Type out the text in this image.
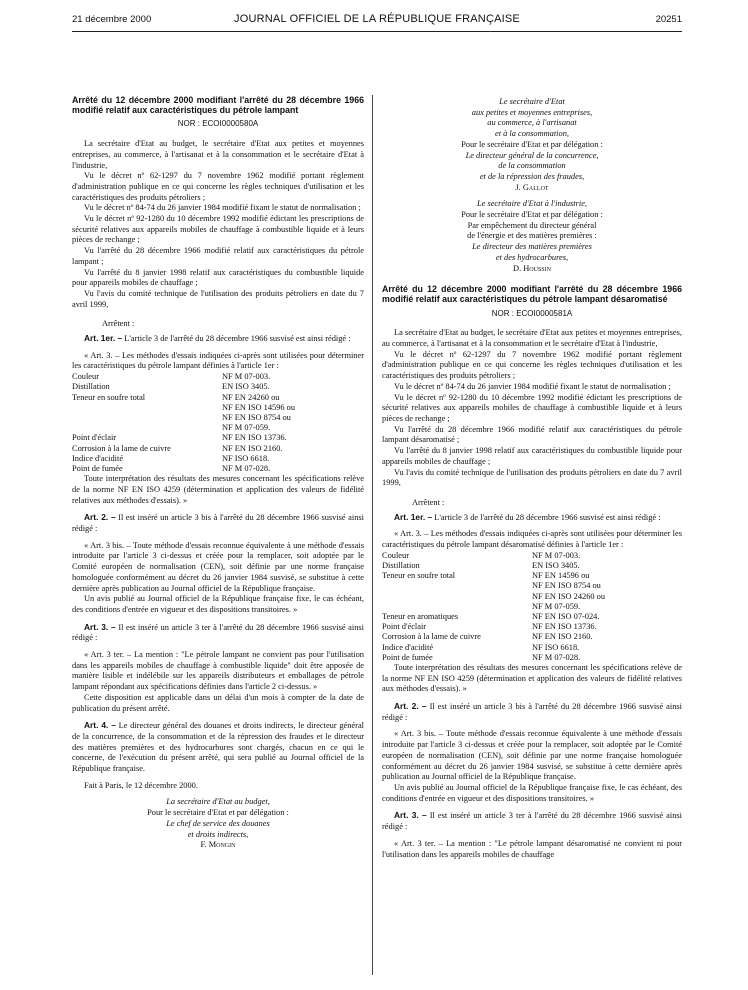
21 décembre 2000	JOURNAL OFFICIEL DE LA RÉPUBLIQUE FRANÇAISE	20251

Arrêté du 12 décembre 2000 modifiant l'arrêté du 28 décembre 1966 modifié relatif aux caractéristiques du pétrole lampant

NOR : ECOI0000580A

La secrétaire d'Etat au budget, le secrétaire d'Etat aux petites et moyennes entreprises, au commerce, à l'artisanat et à la consommation et le secrétaire d'Etat à l'industrie,

Vu le décret nº 62-1297 du 7 novembre 1962 modifié portant règlement d'administration publique en ce qui concerne les règles techniques d'utilisation et les caractéristiques des produits pétroliers ;

Vu le décret nº 84-74 du 26 janvier 1984 modifié fixant le statut de normalisation ;

Vu le décret nº 92-1280 du 10 décembre 1992 modifié édictant les prescriptions de sécurité relatives aux appareils mobiles de chauffage à combustible liquide et à leurs pièces de rechange ;

Vu l'arrêté du 28 décembre 1966 modifié relatif aux caractéristiques du pétrole lampant ;

Vu l'arrêté du 8 janvier 1998 relatif aux caractéristiques du combustible liquide pour appareils mobiles de chauffage ;

Vu l'avis du comité technique de l'utilisation des produits pétroliers en date du 7 avril 1999,

Arrêtent :

Art. 1er. – L'article 3 de l'arrêté du 28 décembre 1966 susvisé est ainsi rédigé :

« Art. 3. – Les méthodes d'essais indiquées ci-après sont utilisées pour déterminer les caractéristiques du pétrole lampant définies à l'article 1er :

Couleur	NF M 07-003.
Distillation	EN ISO 3405.
Teneur en soufre total	NF EN 24260 ou
	NF EN ISO 14596 ou
	NF EN ISO 8754 ou
	NF M 07-059.
Point d'éclair	NF EN ISO 13736.
Corrosion à la lame de cuivre	NF EN ISO 2160.
Indice d'acidité	NF ISO 6618.
Point de fumée	NF M 07-028.

Toute interprétation des résultats des mesures concernant les spécifications relève de la norme NF EN ISO 4259 (détermination et application des valeurs de fidélité relatives aux méthodes d'essais). »

Art. 2. – Il est inséré un article 3 bis à l'arrêté du 28 décembre 1966 susvisé ainsi rédigé :

« Art. 3 bis. – Toute méthode d'essais reconnue équivalente à une méthode d'essais introduite par l'article 3 ci-dessus et créée pour la remplacer, soit adoptée par le Comité européen de normalisation (CEN), soit définie par une norme française homologuée conformément au décret du 26 janvier 1984 susvisé, se substitue à cette dernière après publication au Journal officiel de la République française.

Un avis publié au Journal officiel de la République française fixe, le cas échéant, des conditions d'entrée en vigueur et des dispositions transitoires. »

Art. 3. – Il est inséré un article 3 ter à l'arrêté du 28 décembre 1966 susvisé ainsi rédigé :

« Art. 3 ter. – La mention : "Le pétrole lampant ne convient pas pour l'utilisation dans les appareils mobiles de chauffage à combustible liquide" doit être apposée de manière lisible et indélébile sur les appareils distributeurs et emballages de pétrole lampant répondant aux spécifications définies dans l'article 2 ci-dessus. »

Cette disposition est applicable dans un délai d'un mois à compter de la date de publication du présent arrêté.

Art. 4. – Le directeur général des douanes et droits indirects, le directeur général de la concurrence, de la consommation et de la répression des fraudes et le directeur des matières premières et des hydrocarbures sont chargés, chacun en ce qui le concerne, de l'exécution du présent arrêté, qui sera publié au Journal officiel de la République française.

Fait à Paris, le 12 décembre 2000.

La secrétaire d'Etat au budget,
Pour le secrétaire d'Etat et par délégation :
Le chef de service des douanes
et droits indirects,
F. Mongin
Le secrétaire d'Etat
aux petites et moyennes entreprises,
au commerce, à l'artisanat
et à la consommation,

Pour le secrétaire d'Etat et par délégation :

Le directeur général de la concurrence,
de la consommation
et de la répression des fraudes,

J. Gallot

Le secrétaire d'Etat à l'industrie,
Pour le secrétaire d'Etat et par délégation :
Par empêchement du directeur général
de l'énergie et des matières premières :
Le directeur des matières premières
et des hydrocarbures,

D. Houssin

Arrêté du 12 décembre 2000 modifiant l'arrêté du 28 décembre 1966 modifié relatif aux caractéristiques du pétrole lampant désaromatisé

NOR : ECOI0000581A

La secrétaire d'Etat au budget, le secrétaire d'Etat aux petites et moyennes entreprises, au commerce, à l'artisanat et à la consommation et le secrétaire d'Etat à l'industrie,

Vu le décret nº 62-1297 du 7 novembre 1962 modifié portant règlement d'administration publique en ce qui concerne les règles techniques d'utilisation et les caractéristiques des produits pétroliers ;

Vu le décret nº 84-74 du 26 janvier 1984 modifié fixant le statut de normalisation ;

Vu le décret nº 92-1280 du 10 décembre 1992 modifié édictant les prescriptions de sécurité relatives aux appareils mobiles de chauffage à combustible liquide et à leurs pièces de rechange ;

Vu l'arrêté du 28 décembre 1966 modifié relatif aux caractéristiques du pétrole lampant désaromatisé ;

Vu l'arrêté du 8 janvier 1998 relatif aux caractéristiques du combustible liquide pour appareils mobiles de chauffage ;

Vu l'avis du comité technique de l'utilisation des produits pétroliers en date du 7 avril 1999,

Arrêtent :

Art. 1er. – L'article 3 de l'arrêté du 28 décembre 1966 susvisé est ainsi rédigé :

« Art. 3. – Les méthodes d'essais indiquées ci-après sont utilisées pour déterminer les caractéristiques du pétrole lampant désaromatisé définies à l'article 1er :

Couleur	NF M 07-003.
Distillation	EN ISO 3405.
Teneur en soufre total	NF EN 14596 ou
	NF EN ISO 8754 ou
	NF EN ISO 24260 ou
	NF M 07-059.
Teneur en aromatiques	NF EN ISO 07-024.
Point d'éclair	NF EN ISO 13736.
Corrosion à la lame de cuivre	NF EN ISO 2160.
Indice d'acidité	NF ISO 6618.
Point de fumée	NF M 07-028.

Toute interprétation des résultats des mesures concernant les spécifications relève de la norme NF EN ISO 4259 (détermination et application des valeurs de fidélité relatives aux méthodes d'essais). »

Art. 2. – Il est inséré un article 3 bis à l'arrêté du 28 décembre 1966 susvisé ainsi rédigé :

« Art. 3 bis. – Toute méthode d'essais reconnue équivalente à une méthode d'essais introduite par l'article 3 ci-dessus et créée pour la remplacer, soit adoptée par le Comité européen de normalisation (CEN), soit définie par une norme française homologuée conformément au décret du 26 janvier 1984 susvisé, se substitue à cette dernière après publication au Journal officiel de la République française.

Un avis publié au Journal officiel de la République française fixe, le cas échéant, des conditions d'entrée en vigueur et des dispositions transitoires. »

Art. 3. – Il est inséré un article 3 ter à l'arrêté du 28 décembre 1966 susvisé ainsi rédigé :

« Art. 3 ter. – La mention : "Le pétrole lampant désaromatisé ne convient ni pour l'utilisation dans les appareils mobiles de chauffage
